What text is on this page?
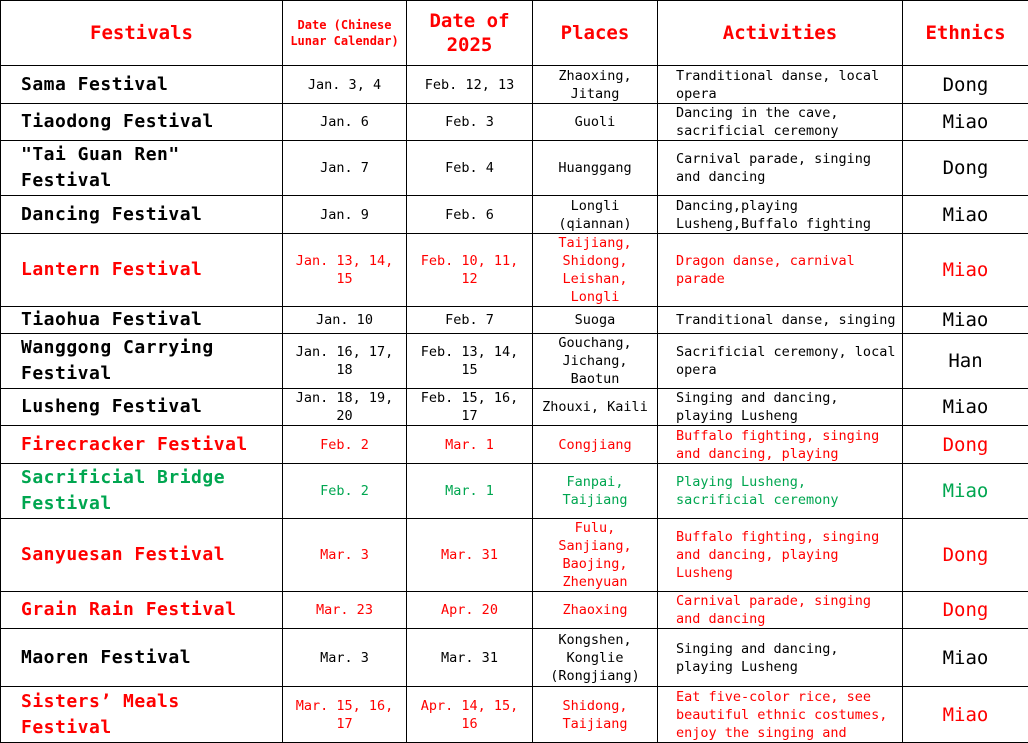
Festivals	Date (Chinese Lunar Calendar)	Date of 2025	Places	Activities	Ethnics
Sama Festival	Jan. 3, 4	Feb. 12, 13	Zhaoxing, Jitang	Tranditional danse, local opera	Dong
Tiaodong Festival	Jan. 6	Feb. 3	Guoli	Dancing in the cave, sacrificial ceremony	Miao
"Tai Guan Ren" Festival	Jan. 7	Feb. 4	Huanggang	Carnival parade, singing and dancing	Dong
Dancing Festival	Jan. 9	Feb. 6	Longli (qiannan)	Dancing,playing Lusheng,Buffalo fighting	Miao
Lantern Festival	Jan. 13, 14, 15	Feb. 10, 11, 12	Taijiang, Shidong, Leishan, Longli	Dragon danse, carnival parade	Miao
Tiaohua Festival	Jan. 10	Feb. 7	Suoga	Tranditional danse, singing	Miao
Wanggong Carrying Festival	Jan. 16, 17, 18	Feb. 13, 14, 15	Gouchang, Jichang, Baotun	Sacrificial ceremony, local opera	Han
Lusheng Festival	Jan. 18, 19, 20	Feb. 15, 16, 17	Zhouxi, Kaili	Singing and dancing, playing Lusheng	Miao
Firecracker Festival	Feb. 2	Mar. 1	Congjiang	Buffalo fighting, singing and dancing, playing	Dong
Sacrificial Bridge Festival	Feb. 2	Mar. 1	Fanpai, Taijiang	Playing Lusheng, sacrificial ceremony	Miao
Sanyuesan Festival	Mar. 3	Mar. 31	Fulu, Sanjiang, Baojing, Zhenyuan	Buffalo fighting, singing and dancing, playing Lusheng	Dong
Grain Rain Festival	Mar. 23	Apr. 20	Zhaoxing	Carnival parade, singing and dancing	Dong
Maoren Festival	Mar. 3	Mar. 31	Kongshen, Konglie (Rongjiang)	Singing and dancing, playing Lusheng	Miao
Sisters’ Meals Festival	Mar. 15, 16, 17	Apr. 14, 15, 16	Shidong, Taijiang	Eat five-color rice, see beautiful ethnic costumes, enjoy the singing and	Miao
